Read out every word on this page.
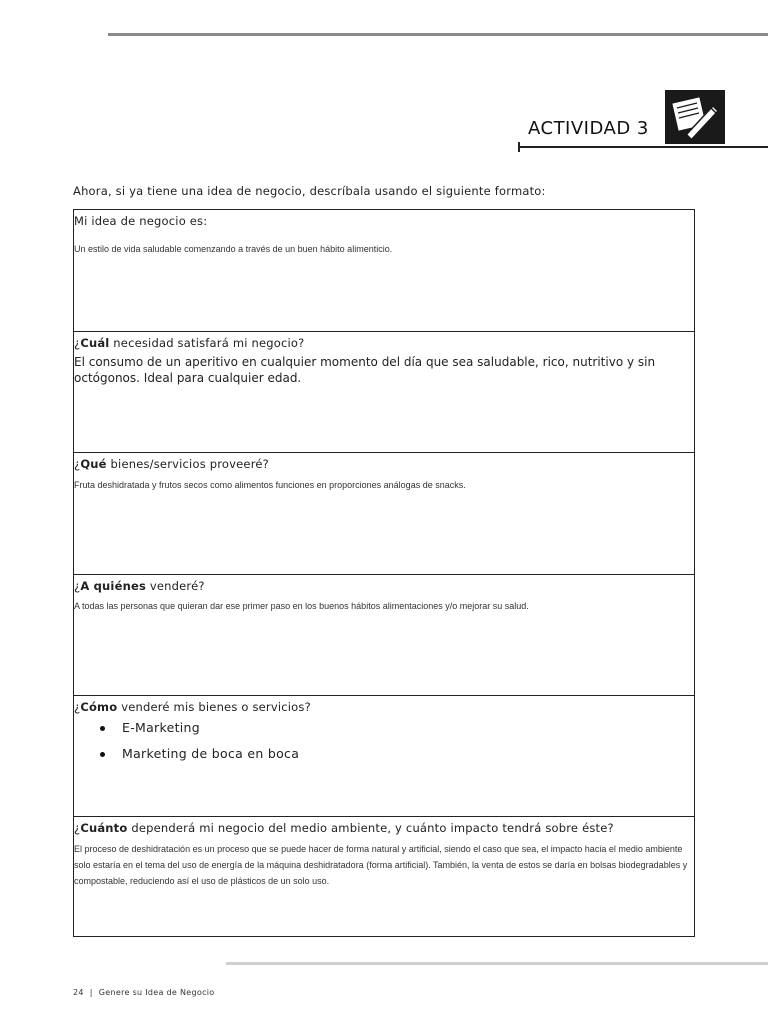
ACTIVIDAD 3
Ahora, si ya tiene una idea de negocio, descríbala usando el siguiente formato:
Mi idea de negocio es:
Un estilo de vida saludable comenzando a través de un buen hábito alimenticio.
¿Cuál necesidad satisfará mi negocio?
El consumo de un aperitivo en cualquier momento del día que sea saludable, rico, nutritivo y sin octógonos. Ideal para cualquier edad.
¿Qué bienes/servicios proveeré?
Fruta deshidratada y frutos secos como alimentos funciones en proporciones análogas de snacks.
¿A quiénes venderé?
A todas las personas que quieran dar ese primer paso en los buenos hábitos alimentaciones y/o mejorar su salud.
¿Cómo venderé mis bienes o servicios?
E-Marketing
Marketing de boca en boca
¿Cuánto dependerá mi negocio del medio ambiente, y cuánto impacto tendrá sobre éste?
El proceso de deshidratación es un proceso que se puede hacer de forma natural y artificial, siendo el caso que sea, el impacto hacia el medio ambiente solo estaría en el tema del uso de energía de la máquina deshidratadora (forma artificial). También, la venta de estos se daría en bolsas biodegradables y compostable, reduciendo así el uso de plásticos de un solo uso.
24 | Genere su Idea de Negocio
